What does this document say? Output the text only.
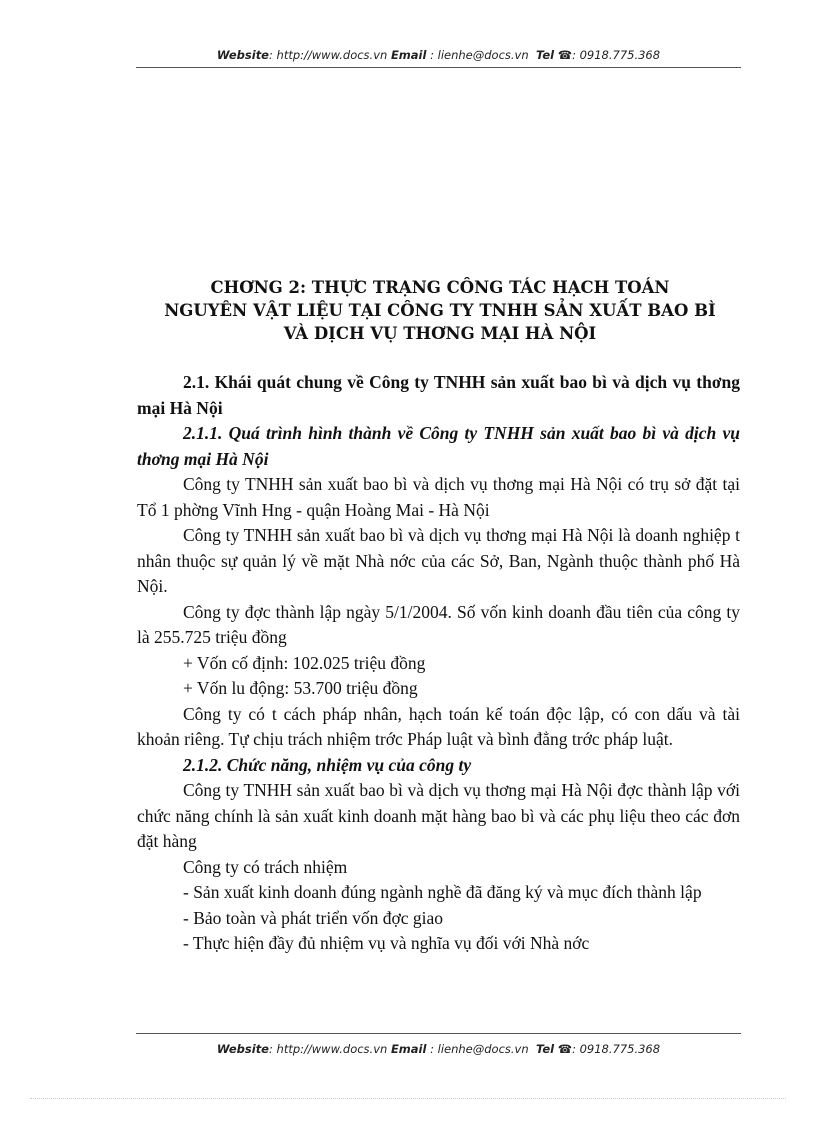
Website: http://www.docs.vn Email : lienhe@docs.vn Tel ☎: 0918.775.368
CHƠNG 2: THỰC TRẠNG CÔNG TÁC HẠCH TOÁN
NGUYÊN VẬT LIỆU TẠI CÔNG TY TNHH SẢN XUẤT BAO BÌ
VÀ DỊCH VỤ THƠNG MẠI HÀ NỘI

2.1. Khái quát chung về Công ty TNHH sản xuất bao bì và dịch vụ thơng mại Hà Nội

2.1.1. Quá trình hình thành về Công ty TNHH sản xuất bao bì và dịch vụ thơng mại Hà Nội

Công ty TNHH sản xuất bao bì và dịch vụ thơng mại Hà Nội có trụ sở đặt tại Tổ 1 phờng Vĩnh Hng - quận Hoàng Mai - Hà Nội

Công ty TNHH sản xuất bao bì và dịch vụ thơng mại Hà Nội là doanh nghiệp t nhân thuộc sự quản lý về mặt Nhà nớc của các Sở, Ban, Ngành thuộc thành phố Hà Nội.

Công ty đợc thành lập ngày 5/1/2004. Số vốn kinh doanh đầu tiên của công ty là 255.725 triệu đồng

+ Vốn cố định: 102.025 triệu đồng

+ Vốn lu động: 53.700 triệu đồng

Công ty có t cách pháp nhân, hạch toán kế toán độc lập, có con dấu và tài khoản riêng. Tự chịu trách nhiệm trớc Pháp luật và bình đẳng trớc pháp luật.

2.1.2. Chức năng, nhiệm vụ của công ty

Công ty TNHH sản xuất bao bì và dịch vụ thơng mại Hà Nội đợc thành lập với chức năng chính là sản xuất kinh doanh mặt hàng bao bì và các phụ liệu theo các đơn đặt hàng

Công ty có trách nhiệm

- Sản xuất kinh doanh đúng ngành nghề đã đăng ký và mục đích thành lập

- Bảo toàn và phát triển vốn đợc giao

- Thực hiện đầy đủ nhiệm vụ và nghĩa vụ đối với Nhà nớc

Website: http://www.docs.vn Email : lienhe@docs.vn Tel ☎: 0918.775.368
